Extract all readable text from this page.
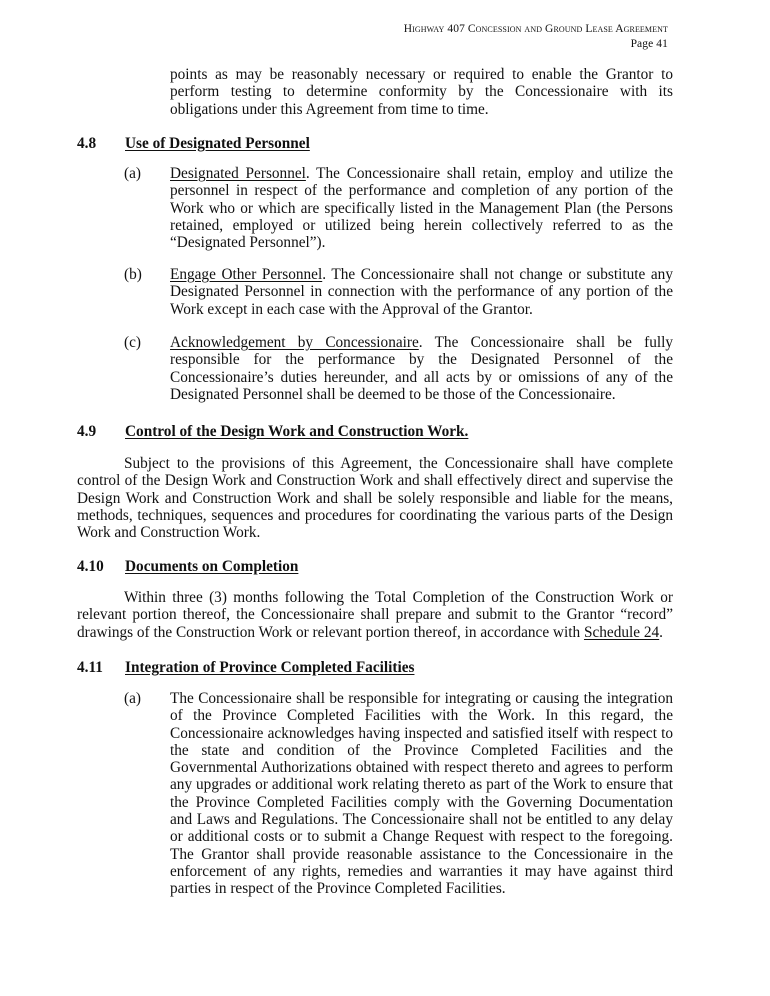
Highway 407 Concession and Ground Lease Agreement
Page 41
points as may be reasonably necessary or required to enable the Grantor to perform testing to determine conformity by the Concessionaire with its obligations under this Agreement from time to time.
4.8 Use of Designated Personnel
(a) Designated Personnel. The Concessionaire shall retain, employ and utilize the personnel in respect of the performance and completion of any portion of the Work who or which are specifically listed in the Management Plan (the Persons retained, employed or utilized being herein collectively referred to as the “Designated Personnel”).
(b) Engage Other Personnel. The Concessionaire shall not change or substitute any Designated Personnel in connection with the performance of any portion of the Work except in each case with the Approval of the Grantor.
(c) Acknowledgement by Concessionaire. The Concessionaire shall be fully responsible for the performance by the Designated Personnel of the Concessionaire’s duties hereunder, and all acts by or omissions of any of the Designated Personnel shall be deemed to be those of the Concessionaire.
4.9 Control of the Design Work and Construction Work.
Subject to the provisions of this Agreement, the Concessionaire shall have complete control of the Design Work and Construction Work and shall effectively direct and supervise the Design Work and Construction Work and shall be solely responsible and liable for the means, methods, techniques, sequences and procedures for coordinating the various parts of the Design Work and Construction Work.
4.10 Documents on Completion
Within three (3) months following the Total Completion of the Construction Work or relevant portion thereof, the Concessionaire shall prepare and submit to the Grantor “record” drawings of the Construction Work or relevant portion thereof, in accordance with Schedule 24.
4.11 Integration of Province Completed Facilities
(a) The Concessionaire shall be responsible for integrating or causing the integration of the Province Completed Facilities with the Work. In this regard, the Concessionaire acknowledges having inspected and satisfied itself with respect to the state and condition of the Province Completed Facilities and the Governmental Authorizations obtained with respect thereto and agrees to perform any upgrades or additional work relating thereto as part of the Work to ensure that the Province Completed Facilities comply with the Governing Documentation and Laws and Regulations. The Concessionaire shall not be entitled to any delay or additional costs or to submit a Change Request with respect to the foregoing. The Grantor shall provide reasonable assistance to the Concessionaire in the enforcement of any rights, remedies and warranties it may have against third parties in respect of the Province Completed Facilities.
